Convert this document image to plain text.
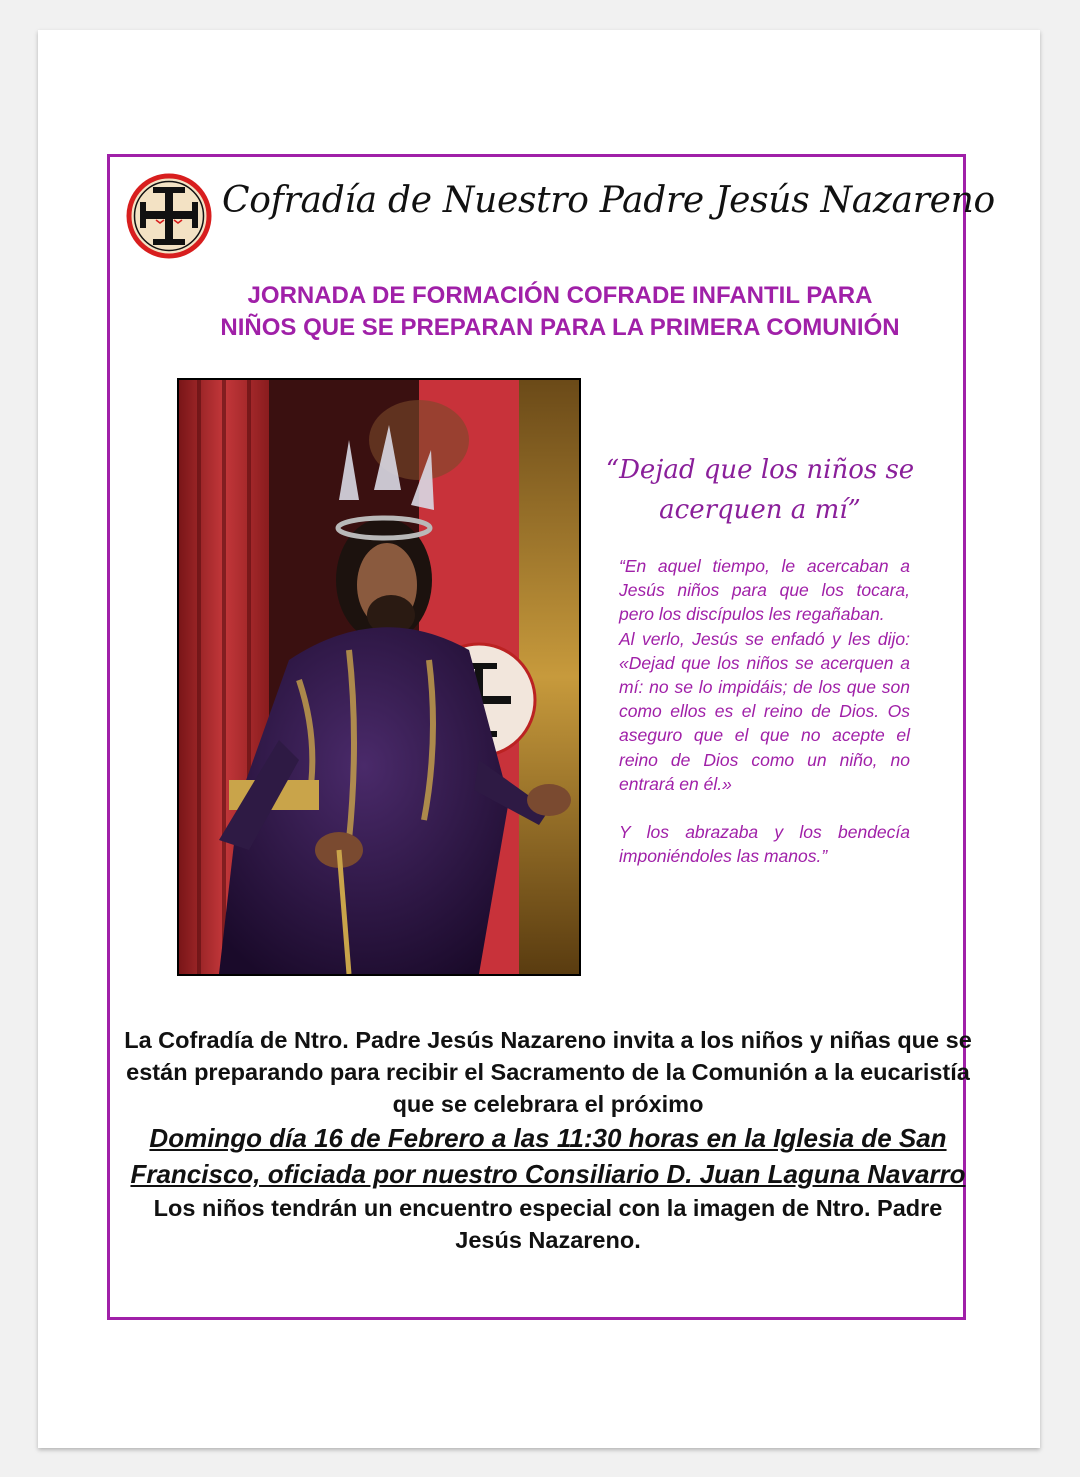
Cofradía de Nuestro Padre Jesús Nazareno
JORNADA DE FORMACIÓN COFRADE INFANTIL PARA
NIÑOS QUE SE PREPARAN PARA LA PRIMERA COMUNIÓN
“Dejad que los niños se acerquen a mí”

“En aquel tiempo, le acercaban a Jesús niños para que los tocara, pero los discípulos les regañaban.

Al verlo, Jesús se enfadó y les dijo: «Dejad que los niños se acerquen a mí: no se lo impidáis; de los que son como ellos es el reino de Dios. Os aseguro que el que no acepte el reino de Dios como un niño, no entrará en él.»

Y los abrazaba y los bendecía imponiéndoles las manos.”

La Cofradía de Ntro. Padre Jesús Nazareno invita a los niños y niñas que se están preparando para recibir el Sacramento de la Comunión a la eucaristía que se celebrara el próximo
Domingo día 16 de Febrero a las 11:30 horas en la Iglesia de San Francisco, oficiada por nuestro Consiliario D. Juan Laguna Navarro
Los niños tendrán un encuentro especial con la imagen de Ntro. Padre Jesús Nazareno.
